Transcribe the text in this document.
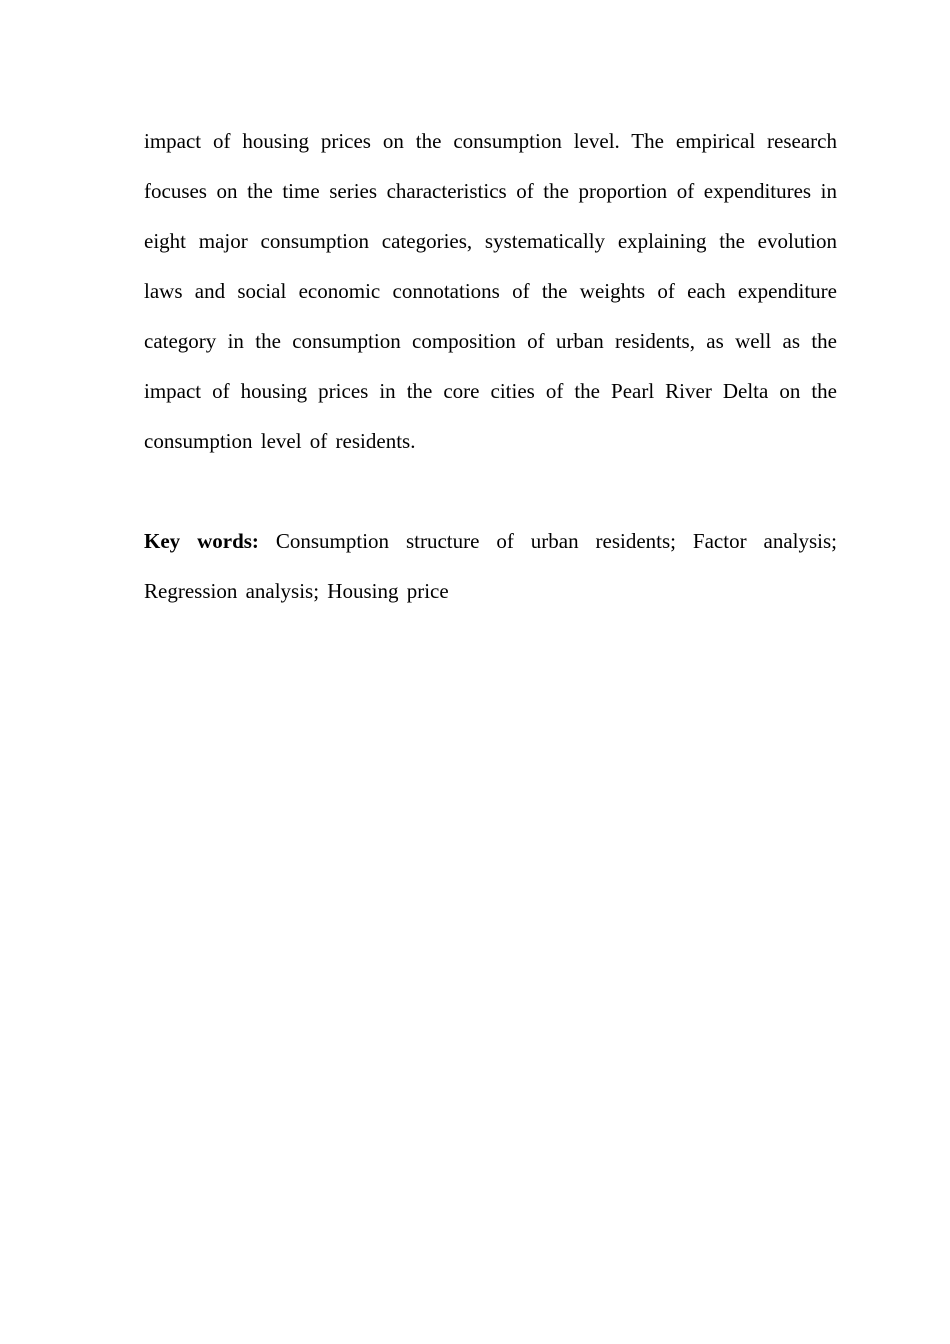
impact of housing prices on the consumption level. The empirical research focuses on the time series characteristics of the proportion of expenditures in eight major consumption categories, systematically explaining the evolution laws and social economic connotations of the weights of each expenditure category in the consumption composition of urban residents, as well as the impact of housing prices in the core cities of the Pearl River Delta on the consumption level of residents.

Key words: Consumption structure of urban residents; Factor analysis; Regression analysis; Housing price
